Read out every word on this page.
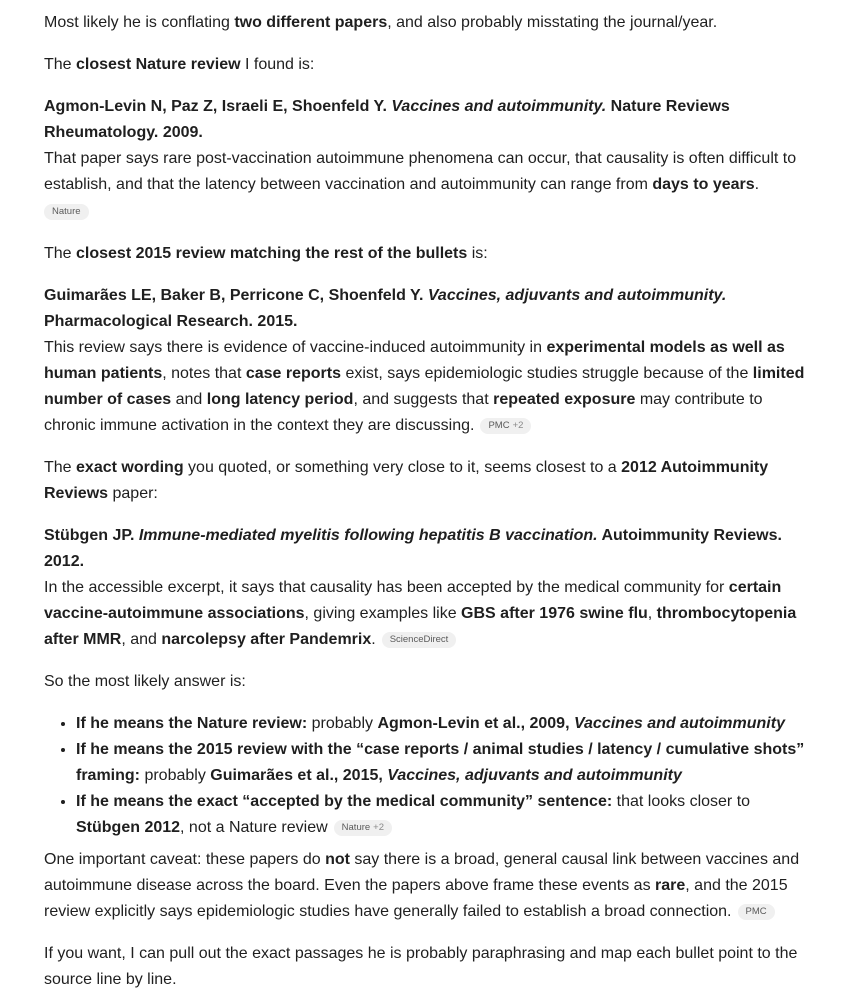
Most likely he is conflating two different papers, and also probably misstating the journal/year.

The closest Nature review I found is:

Agmon-Levin N, Paz Z, Israeli E, Shoenfeld Y. Vaccines and autoimmunity. Nature Reviews Rheumatology. 2009.

That paper says rare post-vaccination autoimmune phenomena can occur, that causality is often difficult to establish, and that the latency between vaccination and autoimmunity can range from days to years.
Nature

The closest 2015 review matching the rest of the bullets is:

Guimarães LE, Baker B, Perricone C, Shoenfeld Y. Vaccines, adjuvants and autoimmunity. Pharmacological Research. 2015.

This review says there is evidence of vaccine-induced autoimmunity in experimental models as well as human patients, notes that case reports exist, says epidemiologic studies struggle because of the limited number of cases and long latency period, and suggests that repeated exposure may contribute to chronic immune activation in the context they are discussing. PMC +2

The exact wording you quoted, or something very close to it, seems closest to a 2012 Autoimmunity Reviews paper:

Stübgen JP. Immune-mediated myelitis following hepatitis B vaccination. Autoimmunity Reviews. 2012.

In the accessible excerpt, it says that causality has been accepted by the medical community for certain vaccine-autoimmune associations, giving examples like GBS after 1976 swine flu, thrombocytopenia after MMR, and narcolepsy after Pandemrix. ScienceDirect

So the most likely answer is:

• If he means the Nature review: probably Agmon-Levin et al., 2009, Vaccines and autoimmunity
• If he means the 2015 review with the “case reports / animal studies / latency / cumulative shots” framing: probably Guimarães et al., 2015, Vaccines, adjuvants and autoimmunity
• If he means the exact “accepted by the medical community” sentence: that looks closer to Stübgen 2012, not a Nature review Nature +2

One important caveat: these papers do not say there is a broad, general causal link between vaccines and autoimmune disease across the board. Even the papers above frame these events as rare, and the 2015 review explicitly says epidemiologic studies have generally failed to establish a broad connection. PMC

If you want, I can pull out the exact passages he is probably paraphrasing and map each bullet point to the source line by line.
